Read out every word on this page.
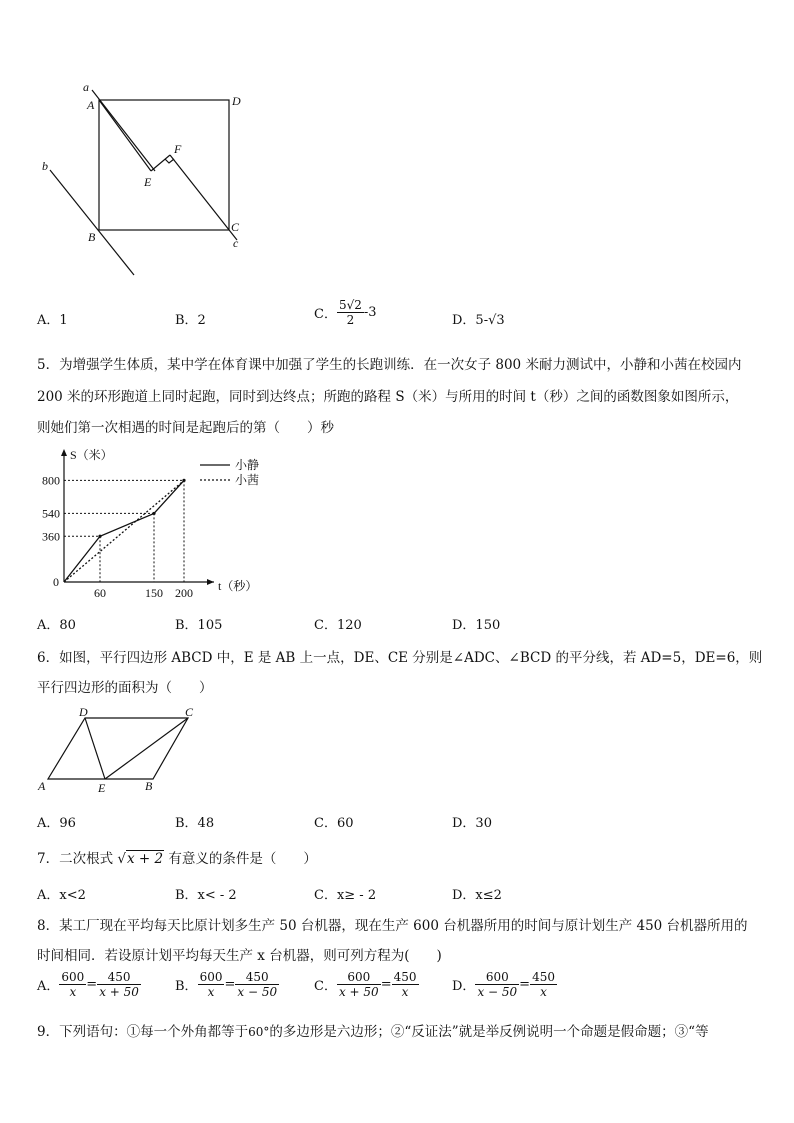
a
A	D
F
E
b
B
C
c
A．1	B．2	C． $\frac{5√2}{2} -3$
D．5-√3
5．为增强学生体质，某中学在体育课中加强了学生的长跑训练．在一次女子 800 米耐力测试中，小静和小茜在校园内
200 米的环形跑道上同时起跑，同时到达终点；所跑的路程 S（米）与所用的时间 t（秒）之间的函数图象如图所示，
则她们第一次相遇的时间是起跑后的第（　　）秒
S（米）
t（秒）
0
60	150 200
800
540
360
小静
小茜
A．80	B．105	C．120	D．150
6．如图，平行四边形 ABCD 中，E 是 AB 上一点，DE、CE 分别是∠ADC、∠BCD 的平分线，若 AD=5，DE=6，则
平行四边形的面积为（　　）
D	C
A	E	B
A．96	B．48	C．60	D．30
7．二次根式 √x + 2 有意义的条件是（　　）
A．x<2	B．x< - 2	C．x≥ - 2	D．x≤2
8．某工厂现在平均每天比原计划多生产 50 台机器，现在生产 600 台机器所用的时间与原计划生产 450 台机器所用的
时间相同．若设原计划平均每天生产 x 台机器，则可列方程为(　　)
A． $\frac{600}{x} = \frac{450}{x + 50}$	B． $\frac{600}{x} = \frac{450}{x - 50}$	C． $\frac{600}{x + 50} = \frac{450}{x}$	D． $\frac{600}{x - 50} = \frac{450}{x}$
9．下列语句：①每一个外角都等于60°的多边形是六边形；②“反证法”就是举反例说明一个命题是假命题；③“等
